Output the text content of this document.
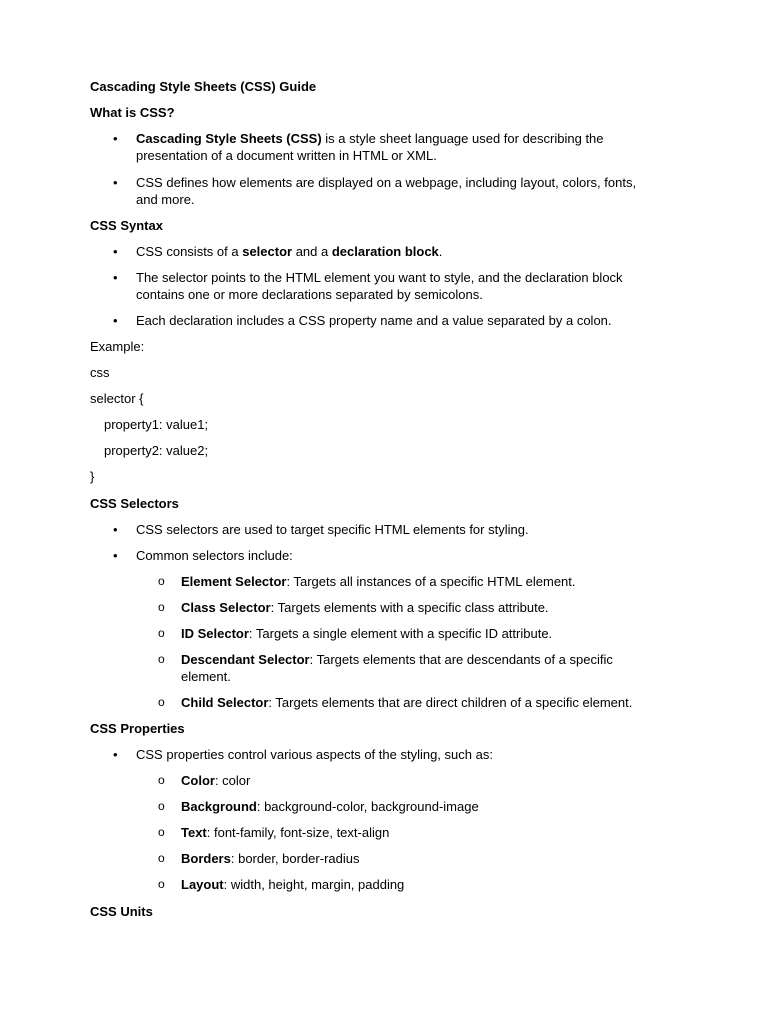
Cascading Style Sheets (CSS) Guide
What is CSS?
• Cascading Style Sheets (CSS) is a style sheet language used for describing the
presentation of a document written in HTML or XML.
• CSS defines how elements are displayed on a webpage, including layout, colors, fonts,
and more.
CSS Syntax
• CSS consists of a selector and a declaration block.
• The selector points to the HTML element you want to style, and the declaration block
contains one or more declarations separated by semicolons.
• Each declaration includes a CSS property name and a value separated by a colon.
Example:
css
selector {
property1: value1;
property2: value2;
}
CSS Selectors
• CSS selectors are used to target specific HTML elements for styling.
• Common selectors include:
o Element Selector: Targets all instances of a specific HTML element.
o Class Selector: Targets elements with a specific class attribute.
o ID Selector: Targets a single element with a specific ID attribute.
o Descendant Selector: Targets elements that are descendants of a specific
element.
o Child Selector: Targets elements that are direct children of a specific element.
CSS Properties
• CSS properties control various aspects of the styling, such as:
o Color: color
o Background: background-color, background-image
o Text: font-family, font-size, text-align
o Borders: border, border-radius
o Layout: width, height, margin, padding
CSS Units
